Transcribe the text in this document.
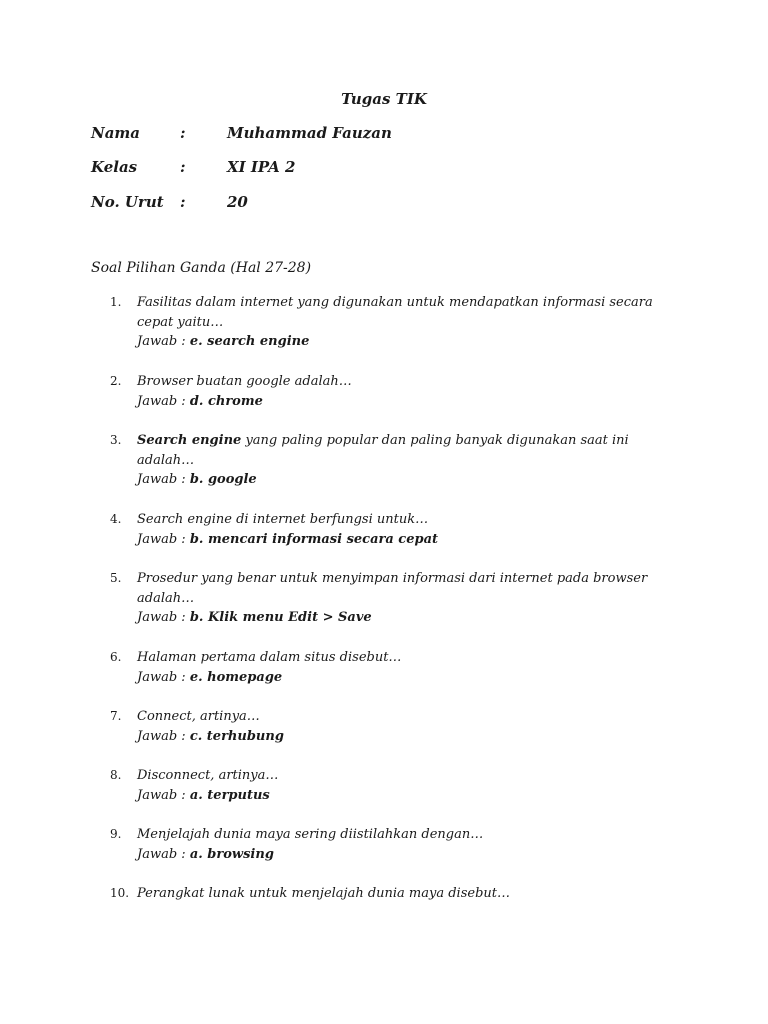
Tugas TIK
Nama	:	Muhammad Fauzan
Kelas	:	XI IPA 2
No. Urut :	20
Soal Pilihan Ganda (Hal 27-28)
1.	Fasilitas dalam internet yang digunakan untuk mendapatkan informasi secara
cepat yaitu…
Jawab : e. search engine
2.	Browser buatan google adalah…
Jawab : d. chrome
3.	Search engine yang paling popular dan paling banyak digunakan saat ini
adalah…
Jawab : b. google
4.	Search engine di internet berfungsi untuk…
Jawab : b. mencari informasi secara cepat
5.	Prosedur yang benar untuk menyimpan informasi dari internet pada browser
adalah…
Jawab : b. Klik menu Edit > Save
6.	Halaman pertama dalam situs disebut…
Jawab : e. homepage
7.	Connect, artinya…
Jawab : c. terhubung
8.	Disconnect, artinya…
Jawab : a. terputus
9.	Menjelajah dunia maya sering diistilahkan dengan…
Jawab : a. browsing
10. Perangkat lunak untuk menjelajah dunia maya disebut…
